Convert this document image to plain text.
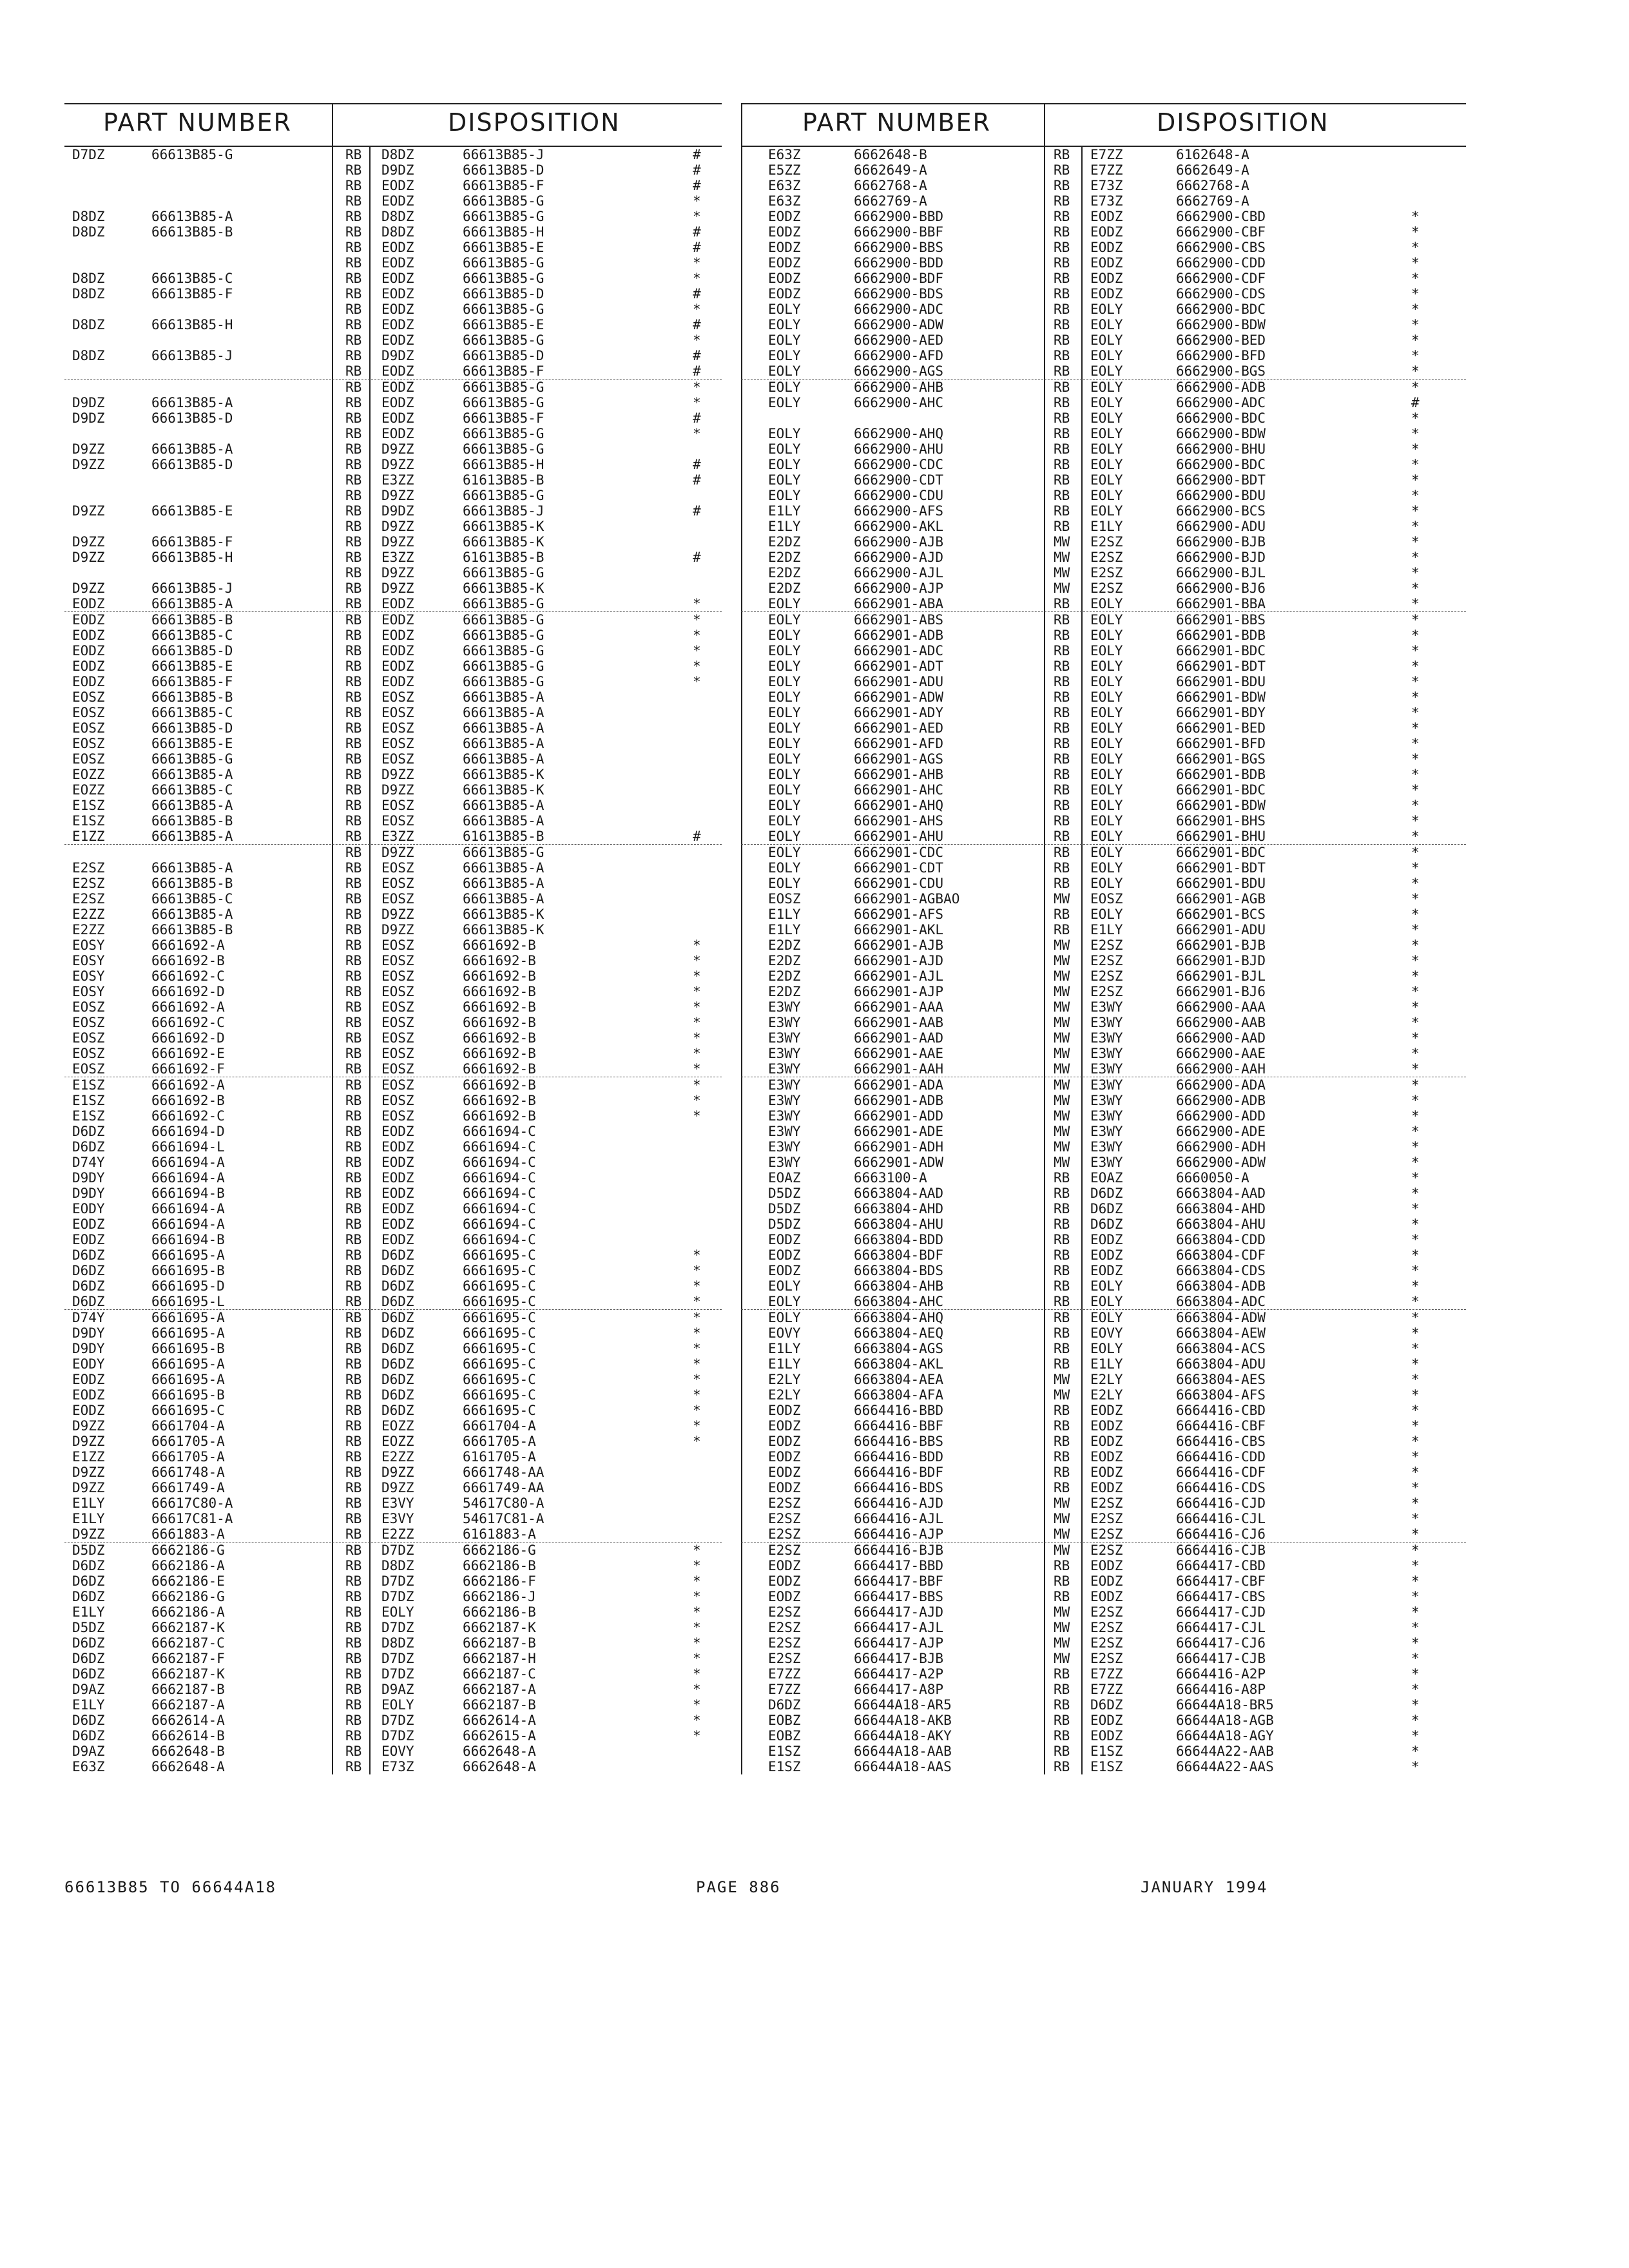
PART NUMBER	DISPOSITION
D7DZ	66613B85-G	RB D8DZ	66613B85-J	#
RB D9DZ	66613B85-D	#
RB EODZ	66613B85-F	#
RB EODZ	66613B85-G	*
D8DZ	66613B85-A	RB D8DZ	66613B85-G	*
D8DZ	66613B85-B	RB D8DZ	66613B85-H	#
RB EODZ	66613B85-E	#
RB EODZ	66613B85-G	*
D8DZ	66613B85-C	RB EODZ	66613B85-G	*
D8DZ	66613B85-F	RB EODZ	66613B85-D	#
RB EODZ	66613B85-G	*
D8DZ	66613B85-H	RB EODZ	66613B85-E	#
RB EODZ	66613B85-G	*
D8DZ	66613B85-J	RB D9DZ	66613B85-D	#
RB EODZ	66613B85-F	#
RB EODZ	66613B85-G	*
D9DZ	66613B85-A	RB EODZ	66613B85-G	*
D9DZ	66613B85-D	RB EODZ	66613B85-F	#
RB EODZ	66613B85-G	*
D9ZZ	66613B85-A	RB D9ZZ	66613B85-G
D9ZZ	66613B85-D	RB D9ZZ	66613B85-H	#
RB E3ZZ	61613B85-B	#
RB D9ZZ	66613B85-G
D9ZZ	66613B85-E	RB D9DZ	66613B85-J	#
RB D9ZZ	66613B85-K
D9ZZ	66613B85-F	RB D9ZZ	66613B85-K
D9ZZ	66613B85-H	RB E3ZZ	61613B85-B	#
RB D9ZZ	66613B85-G
D9ZZ	66613B85-J	RB D9ZZ	66613B85-K
EODZ	66613B85-A	RB EODZ	66613B85-G	*
EODZ	66613B85-B	RB EODZ	66613B85-G	*
EODZ	66613B85-C	RB EODZ	66613B85-G	*
EODZ	66613B85-D	RB EODZ	66613B85-G	*
EODZ	66613B85-E	RB EODZ	66613B85-G	*
EODZ	66613B85-F	RB EODZ	66613B85-G	*
EOSZ	66613B85-B	RB EOSZ	66613B85-A
EOSZ	66613B85-C	RB EOSZ	66613B85-A
EOSZ	66613B85-D	RB EOSZ	66613B85-A
EOSZ	66613B85-E	RB EOSZ	66613B85-A
EOSZ	66613B85-G	RB EOSZ	66613B85-A
EOZZ	66613B85-A	RB D9ZZ	66613B85-K
EOZZ	66613B85-C	RB D9ZZ	66613B85-K
E1SZ	66613B85-A	RB EOSZ	66613B85-A
E1SZ	66613B85-B	RB EOSZ	66613B85-A
E1ZZ	66613B85-A	RB E3ZZ	61613B85-B	#
RB D9ZZ	66613B85-G
E2SZ	66613B85-A	RB EOSZ	66613B85-A
E2SZ	66613B85-B	RB EOSZ	66613B85-A
E2SZ	66613B85-C	RB EOSZ	66613B85-A
E2ZZ	66613B85-A	RB D9ZZ	66613B85-K
E2ZZ	66613B85-B	RB D9ZZ	66613B85-K
EOSY	6661692-A	RB EOSZ	6661692-B	*
EOSY	6661692-B	RB EOSZ	6661692-B	*
EOSY	6661692-C	RB EOSZ	6661692-B	*
EOSY	6661692-D	RB EOSZ	6661692-B	*
EOSZ	6661692-A	RB EOSZ	6661692-B	*
EOSZ	6661692-C	RB EOSZ	6661692-B	*
EOSZ	6661692-D	RB EOSZ	6661692-B	*
EOSZ	6661692-E	RB EOSZ	6661692-B	*
EOSZ	6661692-F	RB EOSZ	6661692-B	*
E1SZ	6661692-A	RB EOSZ	6661692-B	*
E1SZ	6661692-B	RB EOSZ	6661692-B	*
E1SZ	6661692-C	RB EOSZ	6661692-B	*
D6DZ	6661694-D	RB EODZ	6661694-C
D6DZ	6661694-L	RB EODZ	6661694-C
D74Y	6661694-A	RB EODZ	6661694-C
D9DY	6661694-A	RB EODZ	6661694-C
D9DY	6661694-B	RB EODZ	6661694-C
EODY	6661694-A	RB EODZ	6661694-C
EODZ	6661694-A	RB EODZ	6661694-C
EODZ	6661694-B	RB EODZ	6661694-C
D6DZ	6661695-A	RB D6DZ	6661695-C	*
D6DZ	6661695-B	RB D6DZ	6661695-C	*
D6DZ	6661695-D	RB D6DZ	6661695-C	*
D6DZ	6661695-L	RB D6DZ	6661695-C	*
D74Y	6661695-A	RB D6DZ	6661695-C	*
D9DY	6661695-A	RB D6DZ	6661695-C	*
D9DY	6661695-B	RB D6DZ	6661695-C	*
EODY	6661695-A	RB D6DZ	6661695-C	*
EODZ	6661695-A	RB D6DZ	6661695-C	*
EODZ	6661695-B	RB D6DZ	6661695-C	*
EODZ	6661695-C	RB D6DZ	6661695-C	*
D9ZZ	6661704-A	RB EOZZ	6661704-A	*
D9ZZ	6661705-A	RB EOZZ	6661705-A	*
E1ZZ	6661705-A	RB E2ZZ	6161705-A
D9ZZ	6661748-A	RB D9ZZ	6661748-AA
D9ZZ	6661749-A	RB D9ZZ	6661749-AA
E1LY	66617C80-A	RB E3VY	54617C80-A
E1LY	66617C81-A	RB E3VY	54617C81-A
D9ZZ	6661883-A	RB E2ZZ	6161883-A
D5DZ	6662186-G	RB D7DZ	6662186-G	*
D6DZ	6662186-A	RB D8DZ	6662186-B	*
D6DZ	6662186-E	RB D7DZ	6662186-F	*
D6DZ	6662186-G	RB D7DZ	6662186-J	*
E1LY	6662186-A	RB EOLY	6662186-B	*
D5DZ	6662187-K	RB D7DZ	6662187-K	*
D6DZ	6662187-C	RB D8DZ	6662187-B	*
D6DZ	6662187-F	RB D7DZ	6662187-H	*
D6DZ	6662187-K	RB D7DZ	6662187-C	*
D9AZ	6662187-B	RB D9AZ	6662187-A	*
E1LY	6662187-A	RB EOLY	6662187-B	*
D6DZ	6662614-A	RB D7DZ	6662614-A	*
D6DZ	6662614-B	RB D7DZ	6662615-A	*
D9AZ	6662648-B	RB EOVY	6662648-A
E63Z	6662648-A	RB E73Z	6662648-A
PART NUMBER	DISPOSITION
E63Z	6662648-B	RB E7ZZ	6162648-A
E5ZZ	6662649-A	RB E7ZZ	6662649-A
E63Z	6662768-A	RB E73Z	6662768-A
E63Z	6662769-A	RB E73Z	6662769-A
EODZ	6662900-BBD	RB EODZ	6662900-CBD	*
EODZ	6662900-BBF	RB EODZ	6662900-CBF	*
EODZ	6662900-BBS	RB EODZ	6662900-CBS	*
EODZ	6662900-BDD	RB EODZ	6662900-CDD	*
EODZ	6662900-BDF	RB EODZ	6662900-CDF	*
EODZ	6662900-BDS	RB EODZ	6662900-CDS	*
EOLY	6662900-ADC	RB EOLY	6662900-BDC	*
EOLY	6662900-ADW	RB EOLY	6662900-BDW	*
EOLY	6662900-AED	RB EOLY	6662900-BED	*
EOLY	6662900-AFD	RB EOLY	6662900-BFD	*
EOLY	6662900-AGS	RB EOLY	6662900-BGS	*
EOLY	6662900-AHB	RB EOLY	6662900-ADB	*
EOLY	6662900-AHC	RB EOLY	6662900-ADC	#
RB EOLY	6662900-BDC	*
EOLY	6662900-AHQ	RB EOLY	6662900-BDW	*
EOLY	6662900-AHU	RB EOLY	6662900-BHU	*
EOLY	6662900-CDC	RB EOLY	6662900-BDC	*
EOLY	6662900-CDT	RB EOLY	6662900-BDT	*
EOLY	6662900-CDU	RB EOLY	6662900-BDU	*
E1LY	6662900-AFS	RB EOLY	6662900-BCS	*
E1LY	6662900-AKL	RB E1LY	6662900-ADU	*
E2DZ	6662900-AJB	MW E2SZ	6662900-BJB	*
E2DZ	6662900-AJD	MW E2SZ	6662900-BJD	*
E2DZ	6662900-AJL	MW E2SZ	6662900-BJL	*
E2DZ	6662900-AJP	MW E2SZ	6662900-BJ6	*
EOLY	6662901-ABA	RB EOLY	6662901-BBA	*
EOLY	6662901-ABS	RB EOLY	6662901-BBS	*
EOLY	6662901-ADB	RB EOLY	6662901-BDB	*
EOLY	6662901-ADC	RB EOLY	6662901-BDC	*
EOLY	6662901-ADT	RB EOLY	6662901-BDT	*
EOLY	6662901-ADU	RB EOLY	6662901-BDU	*
EOLY	6662901-ADW	RB EOLY	6662901-BDW	*
EOLY	6662901-ADY	RB EOLY	6662901-BDY	*
EOLY	6662901-AED	RB EOLY	6662901-BED	*
EOLY	6662901-AFD	RB EOLY	6662901-BFD	*
EOLY	6662901-AGS	RB EOLY	6662901-BGS	*
EOLY	6662901-AHB	RB EOLY	6662901-BDB	*
EOLY	6662901-AHC	RB EOLY	6662901-BDC	*
EOLY	6662901-AHQ	RB EOLY	6662901-BDW	*
EOLY	6662901-AHS	RB EOLY	6662901-BHS	*
EOLY	6662901-AHU	RB EOLY	6662901-BHU	*
EOLY	6662901-CDC	RB EOLY	6662901-BDC	*
EOLY	6662901-CDT	RB EOLY	6662901-BDT	*
EOLY	6662901-CDU	RB EOLY	6662901-BDU	*
EOSZ	6662901-AGBAO	MW EOSZ	6662901-AGB	*
E1LY	6662901-AFS	RB EOLY	6662901-BCS	*
E1LY	6662901-AKL	RB E1LY	6662901-ADU	*
E2DZ	6662901-AJB	MW E2SZ	6662901-BJB	*
E2DZ	6662901-AJD	MW E2SZ	6662901-BJD	*
E2DZ	6662901-AJL	MW E2SZ	6662901-BJL	*
E2DZ	6662901-AJP	MW E2SZ	6662901-BJ6	*
E3WY	6662901-AAA	MW E3WY	6662900-AAA	*
E3WY	6662901-AAB	MW E3WY	6662900-AAB	*
E3WY	6662901-AAD	MW E3WY	6662900-AAD	*
E3WY	6662901-AAE	MW E3WY	6662900-AAE	*
E3WY	6662901-AAH	MW E3WY	6662900-AAH	*
E3WY	6662901-ADA	MW E3WY	6662900-ADA	*
E3WY	6662901-ADB	MW E3WY	6662900-ADB	*
E3WY	6662901-ADD	MW E3WY	6662900-ADD	*
E3WY	6662901-ADE	MW E3WY	6662900-ADE	*
E3WY	6662901-ADH	MW E3WY	6662900-ADH	*
E3WY	6662901-ADW	MW E3WY	6662900-ADW	*
EOAZ	6663100-A	RB EOAZ	6660050-A	*
D5DZ	6663804-AAD	RB D6DZ	6663804-AAD	*
D5DZ	6663804-AHD	RB D6DZ	6663804-AHD	*
D5DZ	6663804-AHU	RB D6DZ	6663804-AHU	*
EODZ	6663804-BDD	RB EODZ	6663804-CDD	*
EODZ	6663804-BDF	RB EODZ	6663804-CDF	*
EODZ	6663804-BDS	RB EODZ	6663804-CDS	*
EOLY	6663804-AHB	RB EOLY	6663804-ADB	*
EOLY	6663804-AHC	RB EOLY	6663804-ADC	*
EOLY	6663804-AHQ	RB EOLY	6663804-ADW	*
EOVY	6663804-AEQ	RB EOVY	6663804-AEW	*
E1LY	6663804-AGS	RB EOLY	6663804-ACS	*
E1LY	6663804-AKL	RB E1LY	6663804-ADU	*
E2LY	6663804-AEA	MW E2LY	6663804-AES	*
E2LY	6663804-AFA	MW E2LY	6663804-AFS	*
EODZ	6664416-BBD	RB EODZ	6664416-CBD	*
EODZ	6664416-BBF	RB EODZ	6664416-CBF	*
EODZ	6664416-BBS	RB EODZ	6664416-CBS	*
EODZ	6664416-BDD	RB EODZ	6664416-CDD	*
EODZ	6664416-BDF	RB EODZ	6664416-CDF	*
EODZ	6664416-BDS	RB EODZ	6664416-CDS	*
E2SZ	6664416-AJD	MW E2SZ	6664416-CJD	*
E2SZ	6664416-AJL	MW E2SZ	6664416-CJL	*
E2SZ	6664416-AJP	MW E2SZ	6664416-CJ6	*
E2SZ	6664416-BJB	MW E2SZ	6664416-CJB	*
EODZ	6664417-BBD	RB EODZ	6664417-CBD	*
EODZ	6664417-BBF	RB EODZ	6664417-CBF	*
EODZ	6664417-BBS	RB EODZ	6664417-CBS	*
E2SZ	6664417-AJD	MW E2SZ	6664417-CJD	*
E2SZ	6664417-AJL	MW E2SZ	6664417-CJL	*
E2SZ	6664417-AJP	MW E2SZ	6664417-CJ6	*
E2SZ	6664417-BJB	MW E2SZ	6664417-CJB	*
E7ZZ	6664417-A2P	RB E7ZZ	6664416-A2P	*
E7ZZ	6664417-A8P	RB E7ZZ	6664416-A8P	*
D6DZ	66644A18-AR5	RB D6DZ	66644A18-BR5	*
EOBZ	66644A18-AKB	RB EODZ	66644A18-AGB	*
EOBZ	66644A18-AKY	RB EODZ	66644A18-AGY	*
E1SZ	66644A18-AAB	RB E1SZ	66644A22-AAB	*
E1SZ	66644A18-AAS	RB E1SZ	66644A22-AAS	*
66613B85 TO 66644A18	PAGE 886	JANUARY 1994
